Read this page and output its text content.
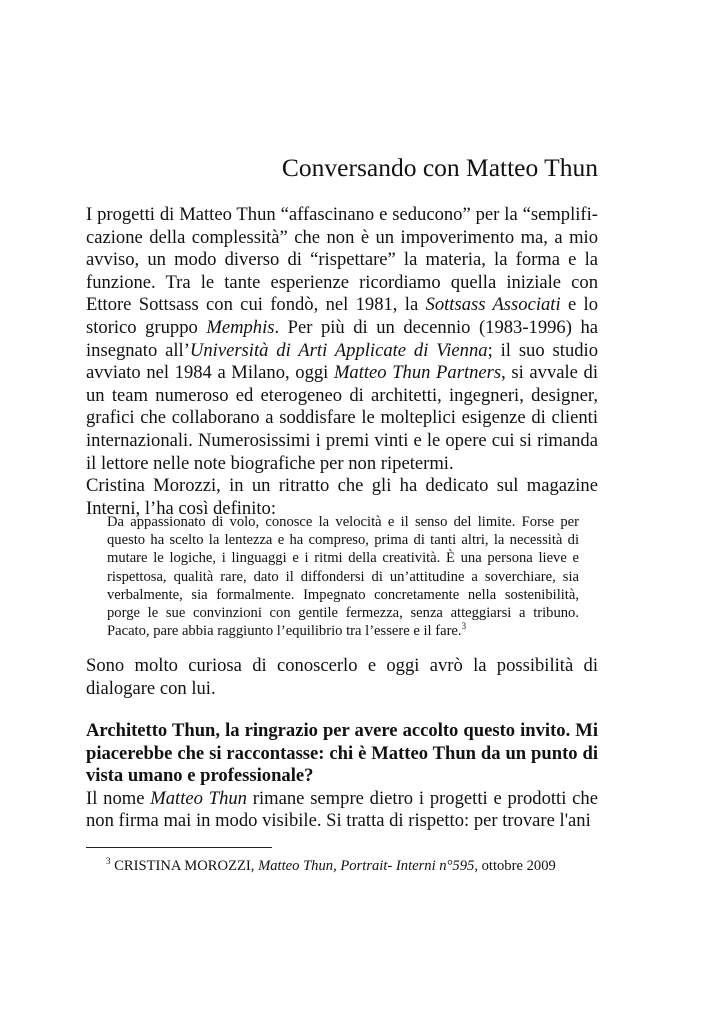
Conversando con Matteo Thun

I progetti di Matteo Thun “affascinano e seducono” per la “semplificazione della complessità” che non è un impoverimento ma, a mio avviso, un modo diverso di “rispettare” la materia, la forma e la funzione. Tra le tante esperienze ricordiamo quella iniziale con Ettore Sottsass con cui fondò, nel 1981, la Sottsass Associati e lo storico gruppo Memphis. Per più di un decennio (1983-1996) ha insegnato all’Università di Arti Applicate di Vienna; il suo studio avviato nel 1984 a Milano, oggi Matteo Thun Partners, si avvale di un team numeroso ed eterogeneo di architetti, ingegneri, designer, grafici che collaborano a soddisfare le molteplici esigenze di clienti internazionali. Numerosissimi i premi vinti e le opere cui si rimanda il lettore nelle note biografiche per non ripetermi.
Cristina Morozzi, in un ritratto che gli ha dedicato sul magazine Interni, l’ha così definito:

Da appassionato di volo, conosce la velocità e il senso del limite. Forse per questo ha scelto la lentezza e ha compreso, prima di tanti altri, la necessità di mutare le logiche, i linguaggi e i ritmi della creatività. È una persona lieve e rispettosa, qualità rare, dato il diffondersi di un’attitudine a soverchiare, sia verbalmente, sia formalmente. Impegnato concretamente nella sostenibilità, porge le sue convinzioni con gentile fermezza, senza atteggiarsi a tribuno. Pacato, pare abbia raggiunto l’equilibrio tra l’essere e il fare.$^3$

Sono molto curiosa di conoscerlo e oggi avrò la possibilità di dialogare con lui.

Architetto Thun, la ringrazio per avere accolto questo invito. Mi piacerebbe che si raccontasse: chi è Matteo Thun da un punto di vista umano e professionale?
Il nome Matteo Thun rimane sempre dietro i progetti e prodotti che non firma mai in modo visibile. Si tratta di rispetto: per trovare l'ani

$^3$ CRISTINA MOROZZI, Matteo Thun, Portrait- Interni n°595, ottobre 2009
